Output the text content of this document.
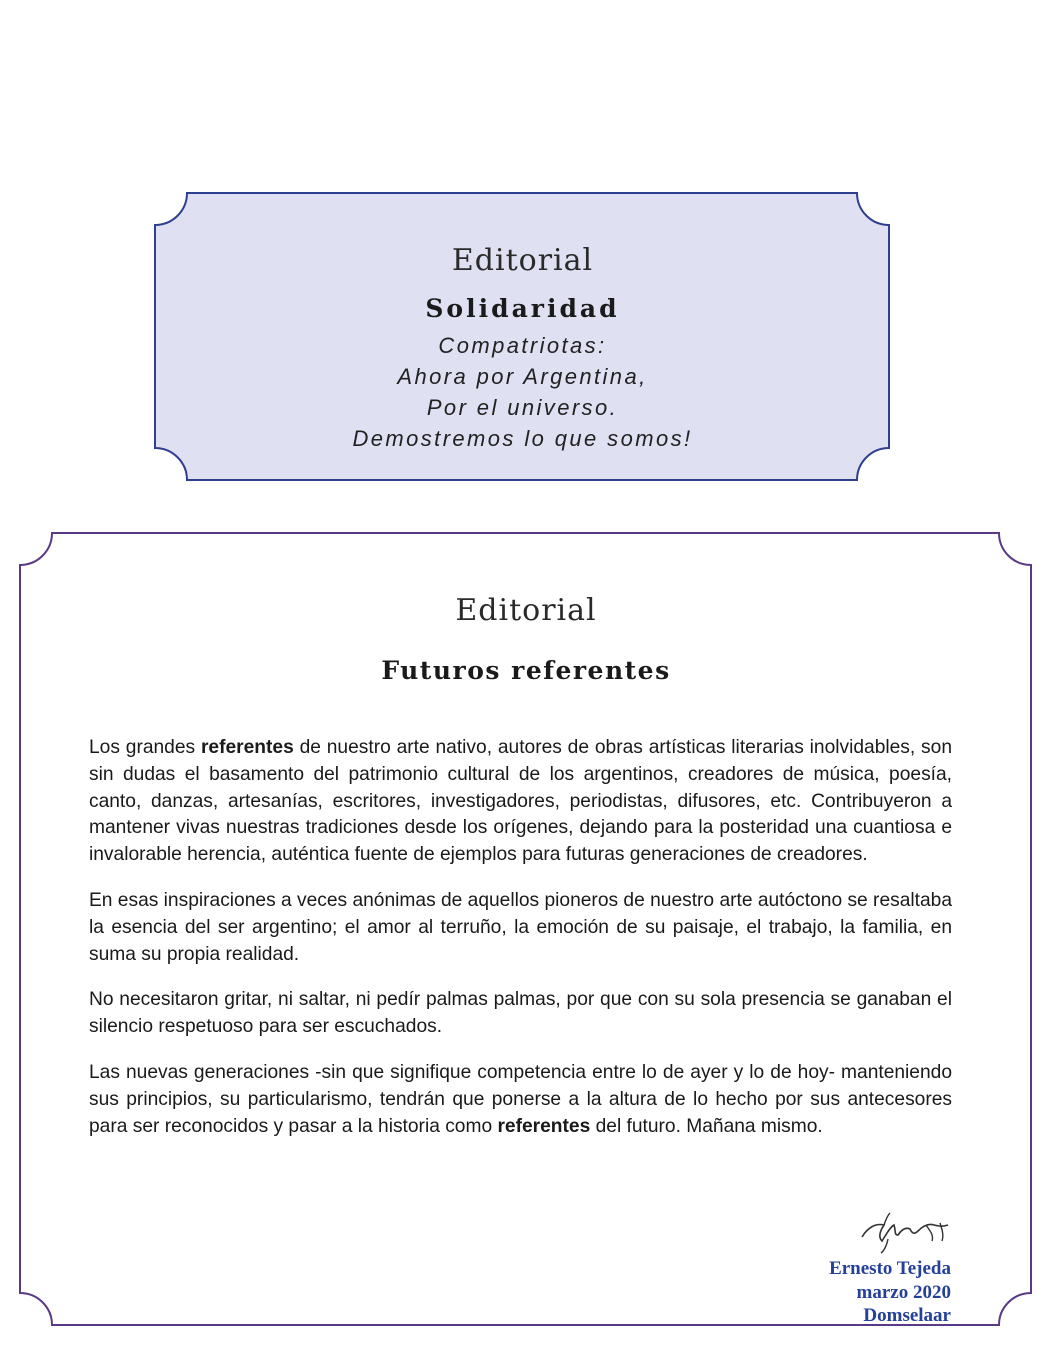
Editorial
Solidaridad
Compatriotas:
Ahora por Argentina,
Por el universo.
Demostremos lo que somos!
Editorial
Futuros referentes

Los grandes referentes de nuestro arte nativo, autores de obras artísticas literarias inolvidables, son sin dudas el basamento del patrimonio cultural de los argentinos, creadores de música, poesía, canto, danzas, artesanías, escritores, investigadores, periodistas, difusores, etc. Contribuyeron a mantener vivas nuestras tradiciones desde los orígenes, dejando para la posteridad una cuantiosa e invalorable herencia, auténtica fuente de ejemplos para futuras generaciones de creadores.

En esas inspiraciones a veces anónimas de aquellos pioneros de nuestro arte autóctono se resaltaba la esencia del ser argentino; el amor al terruño, la emoción de su paisaje, el trabajo, la familia, en suma su propia realidad.

No necesitaron gritar, ni saltar, ni pedír palmas palmas, por que con su sola presencia se ganaban el silencio respetuoso para ser escuchados.

Las nuevas generaciones -sin que signifique competencia entre lo de ayer y lo de hoy- manteniendo sus principios, su particularismo, tendrán que ponerse a la altura de lo hecho por sus antecesores para ser reconocidos y pasar a la historia como referentes del futuro. Mañana mismo.

Ernesto Tejeda
marzo 2020
Domselaar
